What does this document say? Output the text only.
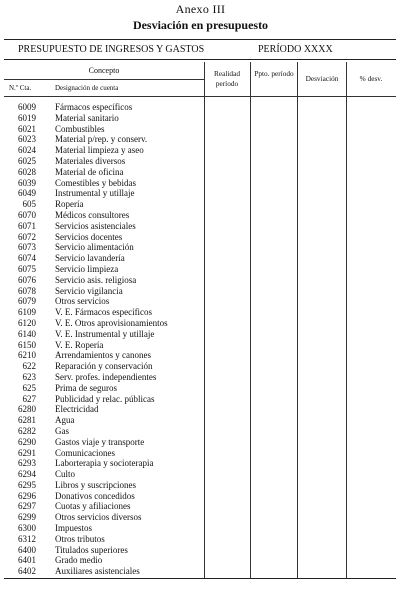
Anexo III
Desviación en presupuesto
PRESUPUESTO DE INGRESOS Y GASTOS	PERÍODO XXXX
Concepto
N.º Cta.	Designación de cuenta
Realidad período
Ppto. período
Desviación	% desv.
6009 Fármacos específicos
6019 Material sanitario
6021 Combustibles
6023 Material p/rep. y conserv.
6024 Material limpieza y aseo
6025 Materiales diversos
6028 Material de oficina
6039 Comestibles y bebidas
6049 Instrumental y utillaje
605 Ropería
6070 Médicos consultores
6071 Servicios asistenciales
6072 Servicios docentes
6073 Servicio alimentación
6074 Servicio lavandería
6075 Servicio limpieza
6076 Servicio asis. religiosa
6078 Servicio vigilancia
6079 Otros servicios
6109 V. E. Fármacos específicos
6120 V. E. Otros aprovisionamientos
6140 V. E. Instrumental y utillaje
6150 V. E. Ropería
6210 Arrendamientos y canones
622 Reparación y conservación
623 Serv. profes. independientes
625 Prima de seguros
627 Publicidad y relac. públicas
6280 Electricidad
6281 Agua
6282 Gas
6290 Gastos viaje y transporte
6291 Comunicaciones
6293 Laborterapia y socioterapia
6294 Culto
6295 Libros y suscripciones
6296 Donativos concedidos
6297 Cuotas y afiliaciones
6299 Otros servicios diversos
6300 Impuestos
6312 Otros tributos
6400 Titulados superiores
6401 Grado medio
6402 Auxiliares asistenciales
